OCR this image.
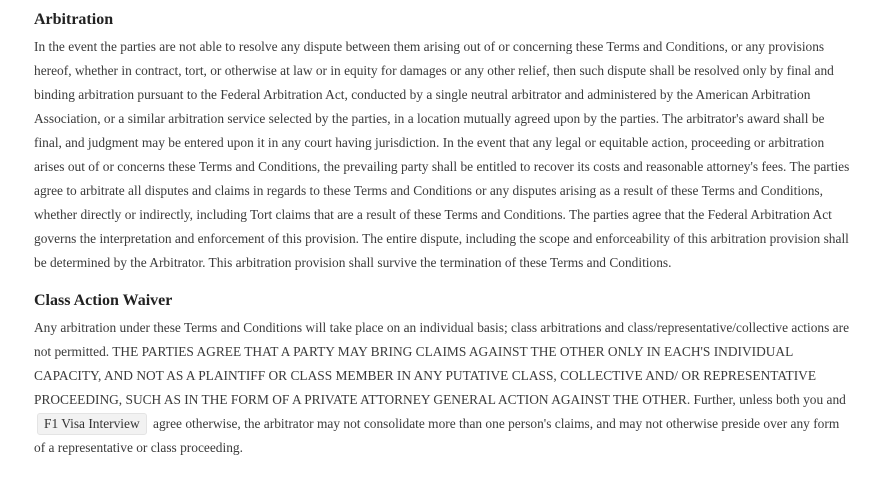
Arbitration

In the event the parties are not able to resolve any dispute between them arising out of or concerning these Terms and Conditions, or any provisions hereof, whether in contract, tort, or otherwise at law or in equity for damages or any other relief, then such dispute shall be resolved only by final and binding arbitration pursuant to the Federal Arbitration Act, conducted by a single neutral arbitrator and administered by the American Arbitration Association, or a similar arbitration service selected by the parties, in a location mutually agreed upon by the parties. The arbitrator's award shall be final, and judgment may be entered upon it in any court having jurisdiction. In the event that any legal or equitable action, proceeding or arbitration arises out of or concerns these Terms and Conditions, the prevailing party shall be entitled to recover its costs and reasonable attorney's fees. The parties agree to arbitrate all disputes and claims in regards to these Terms and Conditions or any disputes arising as a result of these Terms and Conditions, whether directly or indirectly, including Tort claims that are a result of these Terms and Conditions. The parties agree that the Federal Arbitration Act governs the interpretation and enforcement of this provision. The entire dispute, including the scope and enforceability of this arbitration provision shall be determined by the Arbitrator. This arbitration provision shall survive the termination of these Terms and Conditions.

Class Action Waiver

Any arbitration under these Terms and Conditions will take place on an individual basis; class arbitrations and class/representative/collective actions are not permitted. THE PARTIES AGREE THAT A PARTY MAY BRING CLAIMS AGAINST THE OTHER ONLY IN EACH'S INDIVIDUAL CAPACITY, AND NOT AS A PLAINTIFF OR CLASS MEMBER IN ANY PUTATIVE CLASS, COLLECTIVE AND/ OR REPRESENTATIVE PROCEEDING, SUCH AS IN THE FORM OF A PRIVATE ATTORNEY GENERAL ACTION AGAINST THE OTHER. Further, unless both you and F1 Visa Interview agree otherwise, the arbitrator may not consolidate more than one person's claims, and may not otherwise preside over any form of a representative or class proceeding.
